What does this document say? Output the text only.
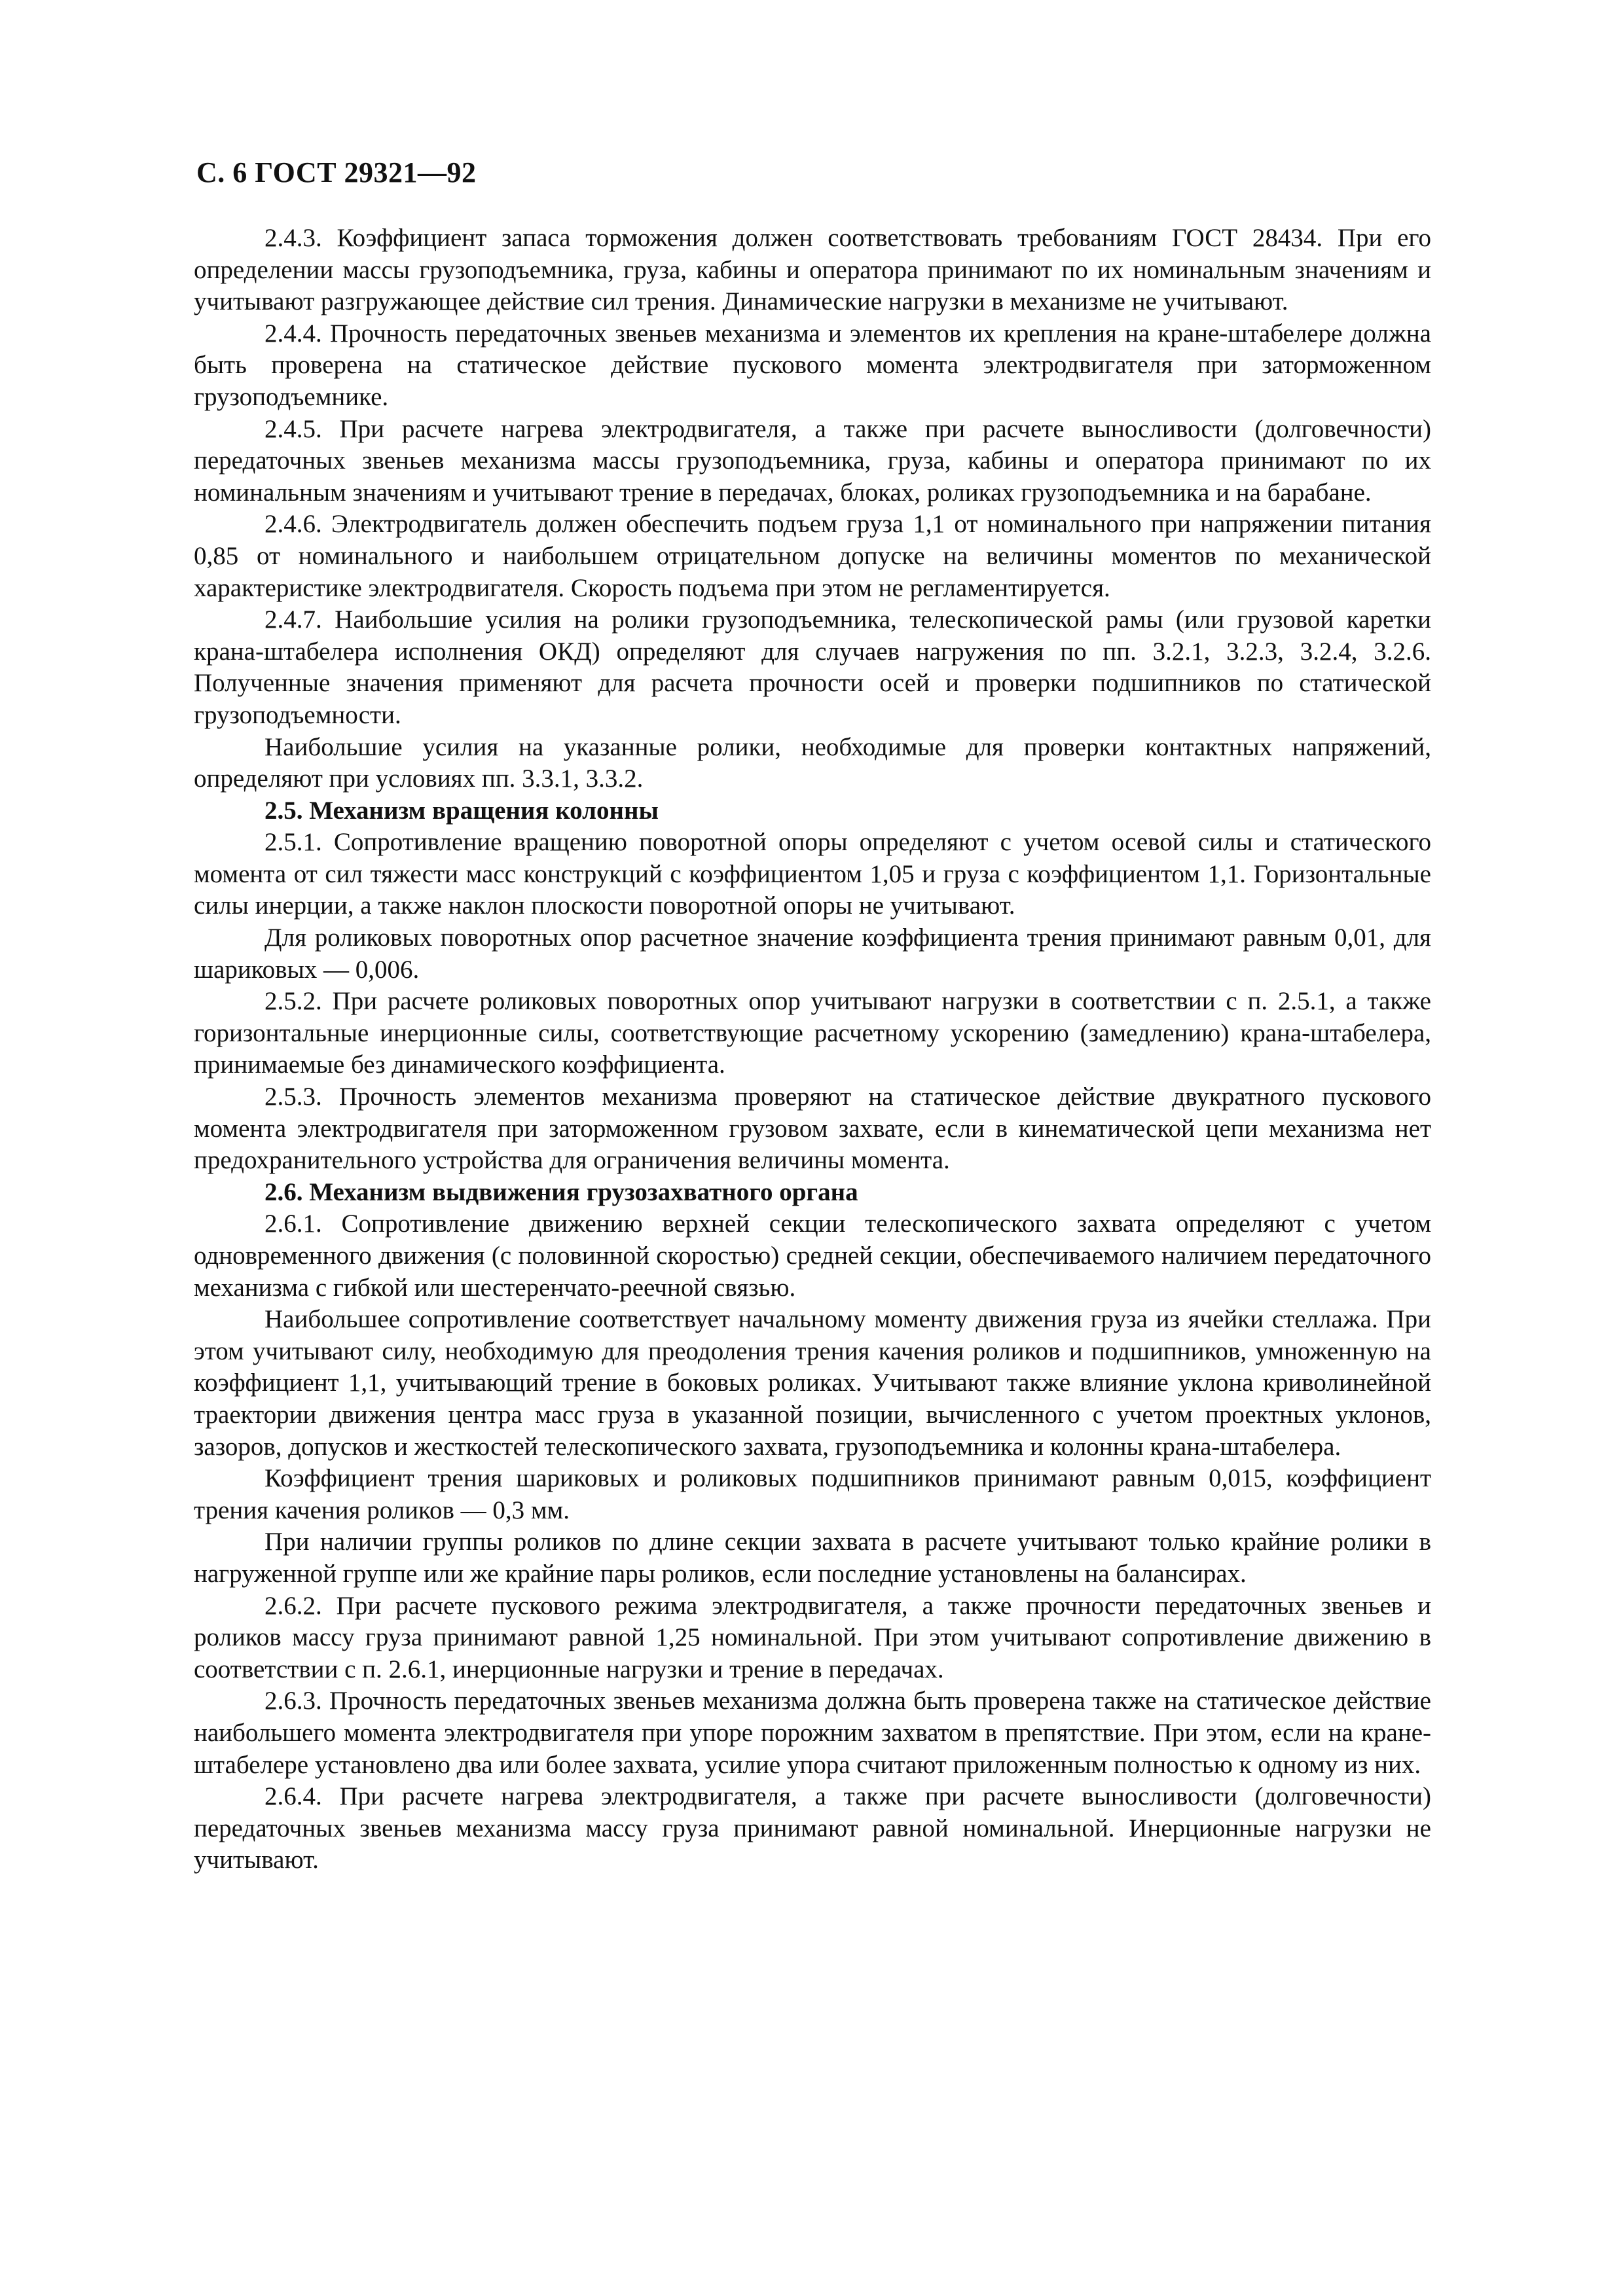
С. 6 ГОСТ 29321—92

2.4.3. Коэффициент запаса торможения должен соответствовать требованиям ГОСТ 28434. При его определении массы грузоподъемника, груза, кабины и оператора принимают по их номинальным значениям и учитывают разгружающее действие сил трения. Динамические нагрузки в механизме не учитывают.

2.4.4. Прочность передаточных звеньев механизма и элементов их крепления на кране-штабелере должна быть проверена на статическое действие пускового момента электродвигателя при заторможенном грузоподъемнике.

2.4.5. При расчете нагрева электродвигателя, а также при расчете выносливости (долговечности) передаточных звеньев механизма массы грузоподъемника, груза, кабины и оператора принимают по их номинальным значениям и учитывают трение в передачах, блоках, роликах грузоподъемника и на барабане.

2.4.6. Электродвигатель должен обеспечить подъем груза 1,1 от номинального при напряжении питания 0,85 от номинального и наибольшем отрицательном допуске на величины моментов по механической характеристике электродвигателя. Скорость подъема при этом не регламентируется.

2.4.7. Наибольшие усилия на ролики грузоподъемника, телескопической рамы (или грузовой каретки крана-штабелера исполнения ОКД) определяют для случаев нагружения по пп. 3.2.1, 3.2.3, 3.2.4, 3.2.6. Полученные значения применяют для расчета прочности осей и проверки подшипников по статической грузоподъемности.

Наибольшие усилия на указанные ролики, необходимые для проверки контактных напряжений, определяют при условиях пп. 3.3.1, 3.3.2.

2.5. Механизм вращения колонны

2.5.1. Сопротивление вращению поворотной опоры определяют с учетом осевой силы и статического момента от сил тяжести масс конструкций с коэффициентом 1,05 и груза с коэффициентом 1,1. Горизонтальные силы инерции, а также наклон плоскости поворотной опоры не учитывают.

Для роликовых поворотных опор расчетное значение коэффициента трения принимают равным 0,01, для шариковых — 0,006.

2.5.2. При расчете роликовых поворотных опор учитывают нагрузки в соответствии с п. 2.5.1, а также горизонтальные инерционные силы, соответствующие расчетному ускорению (замедлению) крана-штабелера, принимаемые без динамического коэффициента.

2.5.3. Прочность элементов механизма проверяют на статическое действие двукратного пускового момента электродвигателя при заторможенном грузовом захвате, если в кинематической цепи механизма нет предохранительного устройства для ограничения величины момента.

2.6. Механизм выдвижения грузозахватного органа

2.6.1. Сопротивление движению верхней секции телескопического захвата определяют с учетом одновременного движения (с половинной скоростью) средней секции, обеспечиваемого наличием передаточного механизма с гибкой или шестеренчато-реечной связью.

Наибольшее сопротивление соответствует начальному моменту движения груза из ячейки стеллажа. При этом учитывают силу, необходимую для преодоления трения качения роликов и подшипников, умноженную на коэффициент 1,1, учитывающий трение в боковых роликах. Учитывают также влияние уклона криволинейной траектории движения центра масс груза в указанной позиции, вычисленного с учетом проектных уклонов, зазоров, допусков и жесткостей телескопического захвата, грузоподъемника и колонны крана-штабелера.

Коэффициент трения шариковых и роликовых подшипников принимают равным 0,015, коэффициент трения качения роликов — 0,3 мм.

При наличии группы роликов по длине секции захвата в расчете учитывают только крайние ролики в нагруженной группе или же крайние пары роликов, если последние установлены на балансирах.

2.6.2. При расчете пускового режима электродвигателя, а также прочности передаточных звеньев и роликов массу груза принимают равной 1,25 номинальной. При этом учитывают сопротивление движению в соответствии с п. 2.6.1, инерционные нагрузки и трение в передачах.

2.6.3. Прочность передаточных звеньев механизма должна быть проверена также на статическое действие наибольшего момента электродвигателя при упоре порожним захватом в препятствие. При этом, если на кране-штабелере установлено два или более захвата, усилие упора считают приложенным полностью к одному из них.

2.6.4. При расчете нагрева электродвигателя, а также при расчете выносливости (долговечности) передаточных звеньев механизма массу груза принимают равной номинальной. Инерционные нагрузки не учитывают.
